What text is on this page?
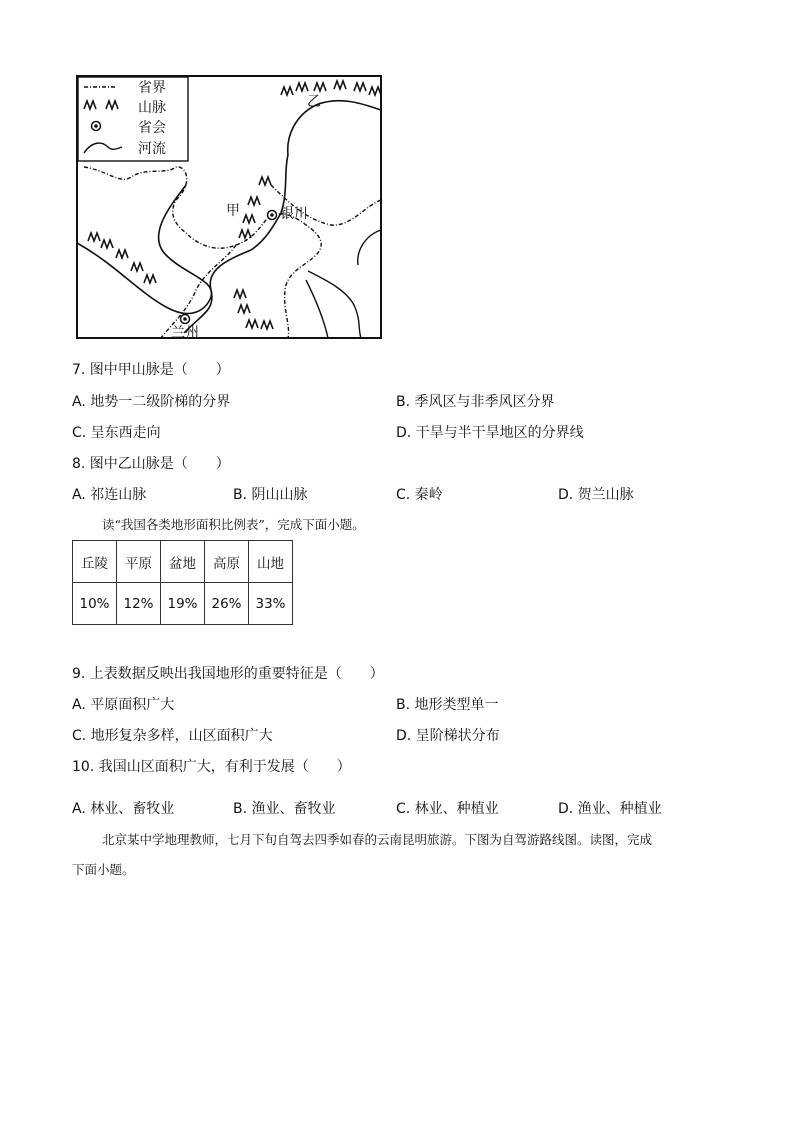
甲
乙
银川
兰州
省界
山脉
省会
河流
7. 图中甲山脉是（　　）
A. 地势一二级阶梯的分界	B. 季风区与非季风区分界
C. 呈东西走向	D. 干旱与半干旱地区的分界线
8. 图中乙山脉是（　　）
A. 祁连山脉	B. 阴山山脉	C. 秦岭	D. 贺兰山脉
读“我国各类地形面积比例表”，完成下面小题。
丘陵	平原	盆地	高原	山地
10%	12%	19%	26%	33%
9. 上表数据反映出我国地形的重要特征是（　　）
A. 平原面积广大	B. 地形类型单一
C. 地形复杂多样，山区面积广大	D. 呈阶梯状分布
10. 我国山区面积广大，有利于发展（　　）
A. 林业、畜牧业	B. 渔业、畜牧业	C. 林业、种植业	D. 渔业、种植业
北京某中学地理教师，七月下旬自驾去四季如春的云南昆明旅游。下图为自驾游路线图。读图，完成
下面小题。
